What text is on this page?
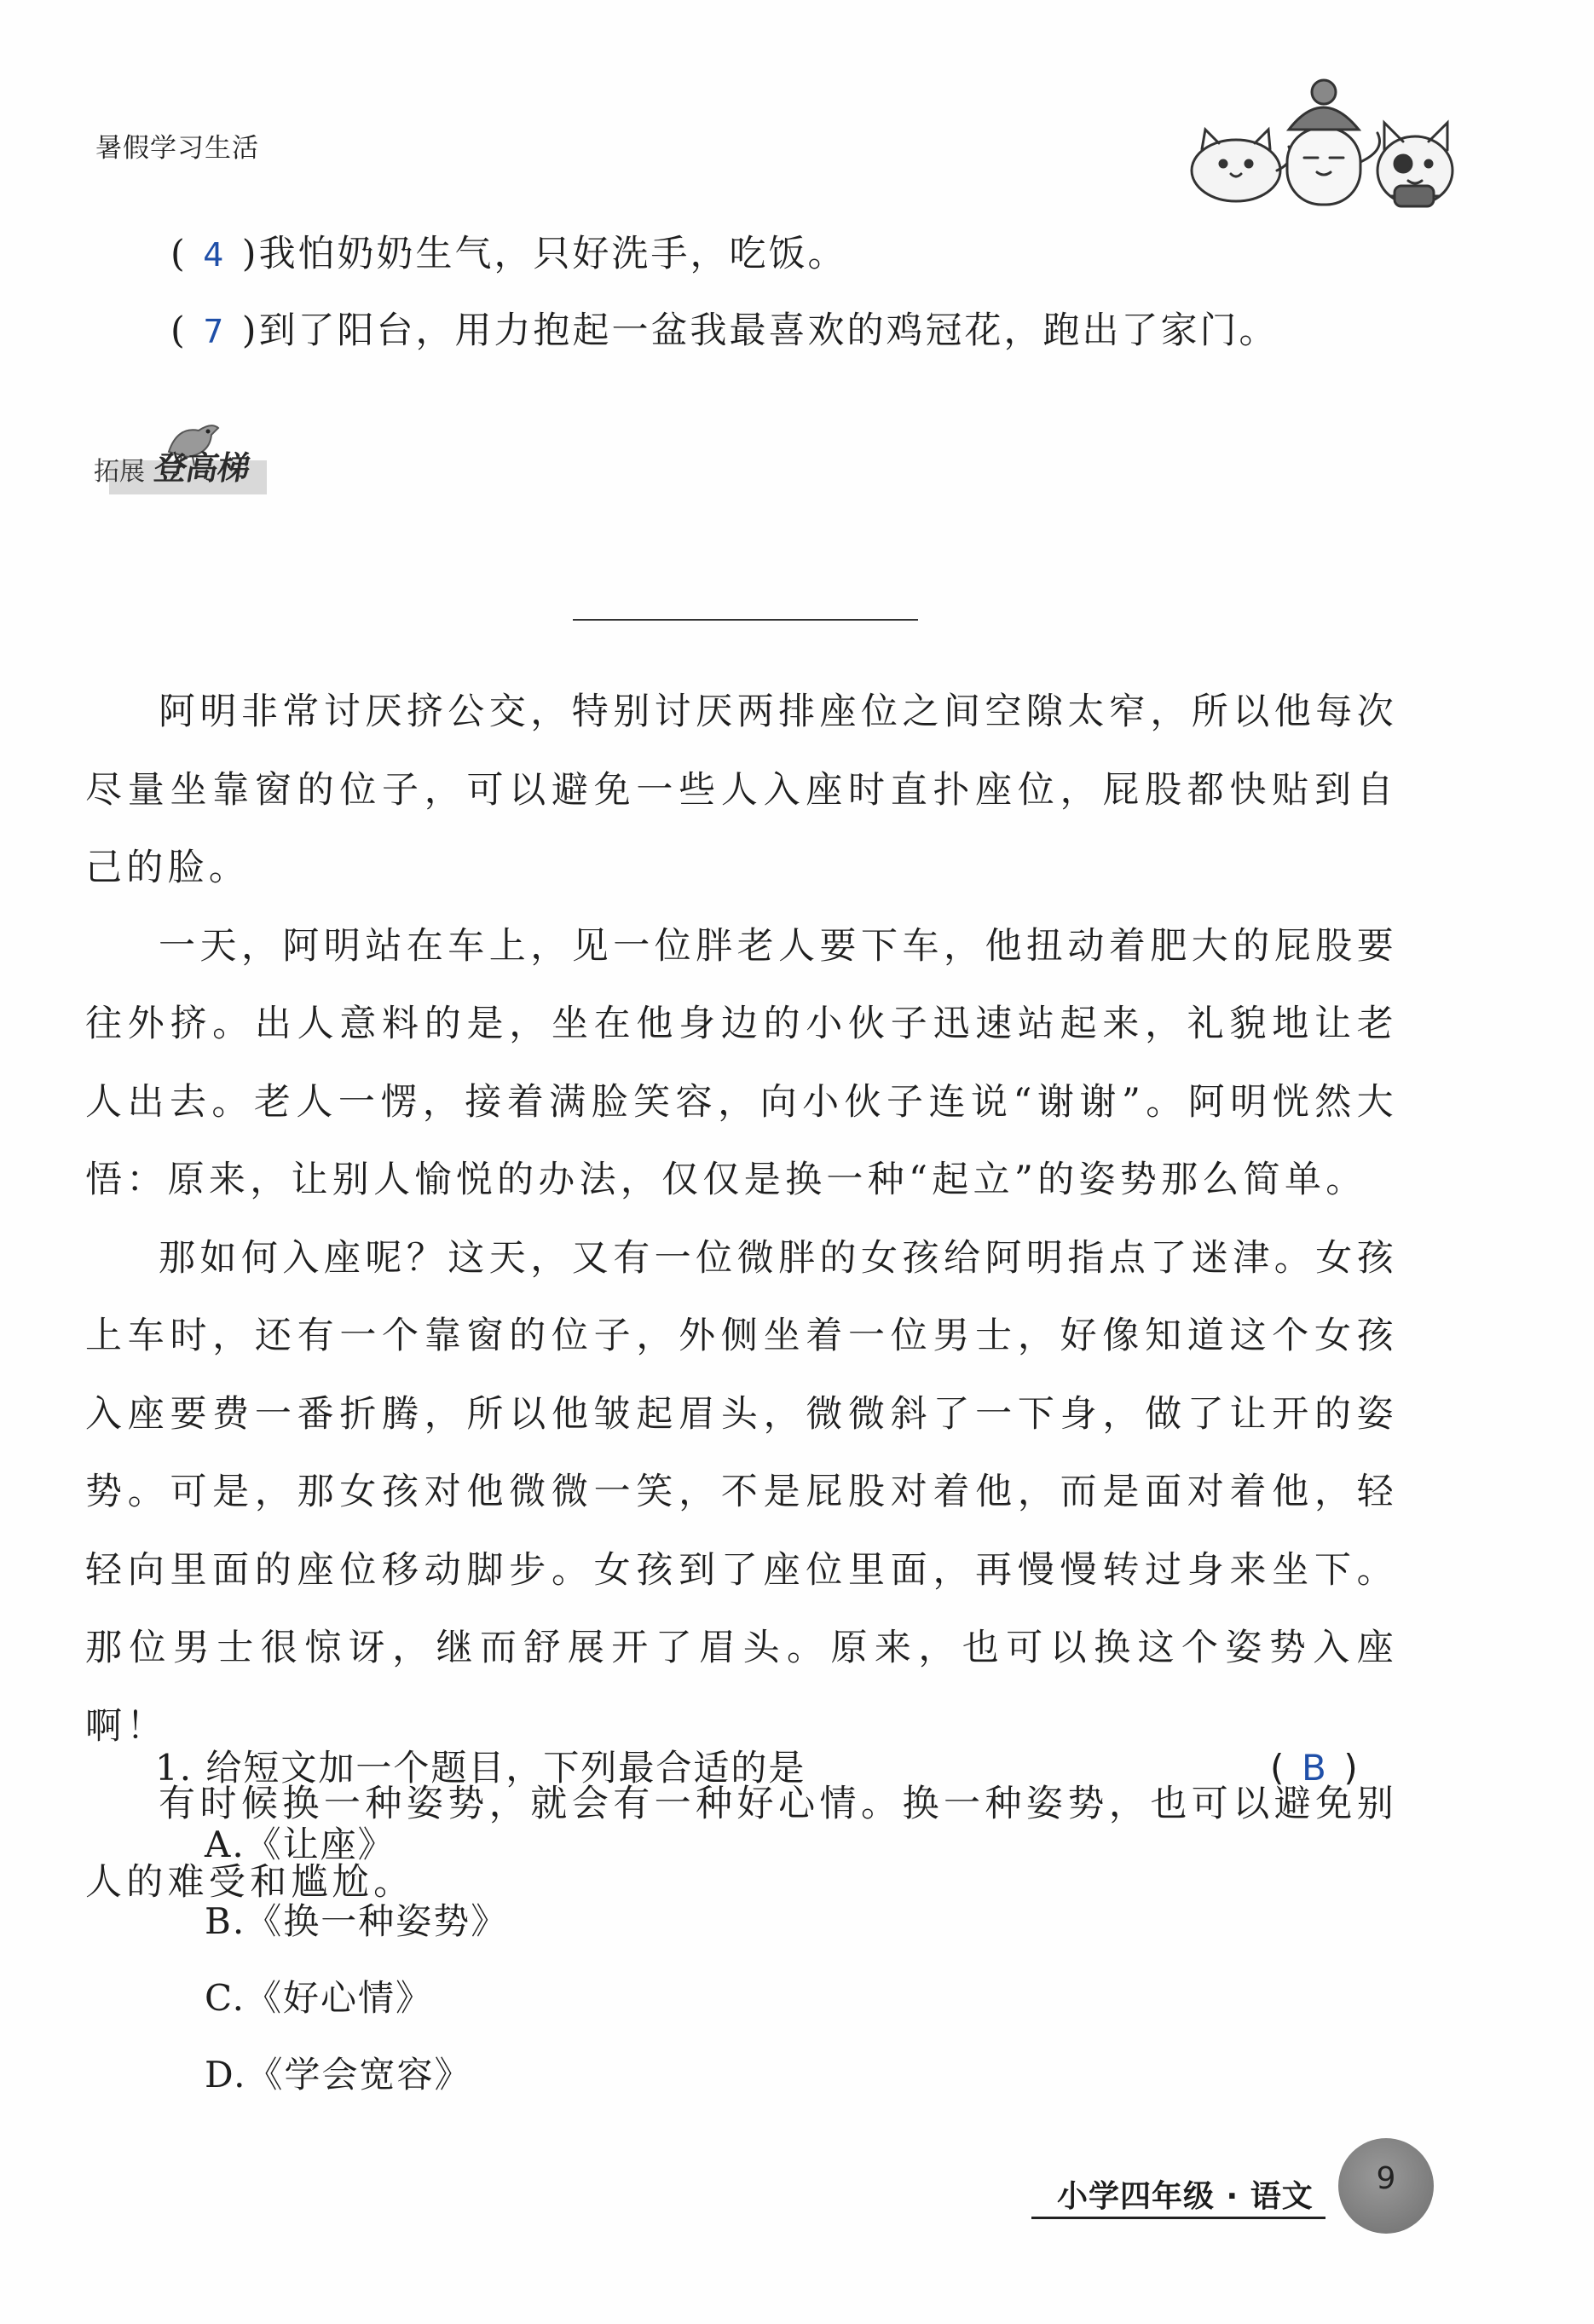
暑假学习生活
( 4 )我怕奶奶生气，只好洗手，吃饭。
( 7 )到了阳台，用力抱起一盆我最喜欢的鸡冠花，跑出了家门。
拓展 登高梯

阿明非常讨厌挤公交，特别讨厌两排座位之间空隙太窄，所以他每次尽量坐靠窗的位子，可以避免一些人入座时直扑座位，屁股都快贴到自己的脸。

一天，阿明站在车上，见一位胖老人要下车，他扭动着肥大的屁股要往外挤。出人意料的是，坐在他身边的小伙子迅速站起来，礼貌地让老人出去。老人一愣，接着满脸笑容，向小伙子连说“谢谢”。阿明恍然大悟：原来，让别人愉悦的办法，仅仅是换一种“起立”的姿势那么简单。

那如何入座呢？这天，又有一位微胖的女孩给阿明指点了迷津。女孩上车时，还有一个靠窗的位子，外侧坐着一位男士，好像知道这个女孩入座要费一番折腾，所以他皱起眉头，微微斜了一下身，做了让开的姿势。可是，那女孩对他微微一笑，不是屁股对着他，而是面对着他，轻轻向里面的座位移动脚步。女孩到了座位里面，再慢慢转过身来坐下。那位男士很惊讶，继而舒展开了眉头。原来，也可以换这个姿势入座啊！

有时候换一种姿势，就会有一种好心情。换一种姿势，也可以避免别人的难受和尴尬。

1. 给短文加一个题目，下列最合适的是	( B )
A.《让座》
B.《换一种姿势》
C.《好心情》
D.《学会宽容》
小学四年级 · 语文
9
